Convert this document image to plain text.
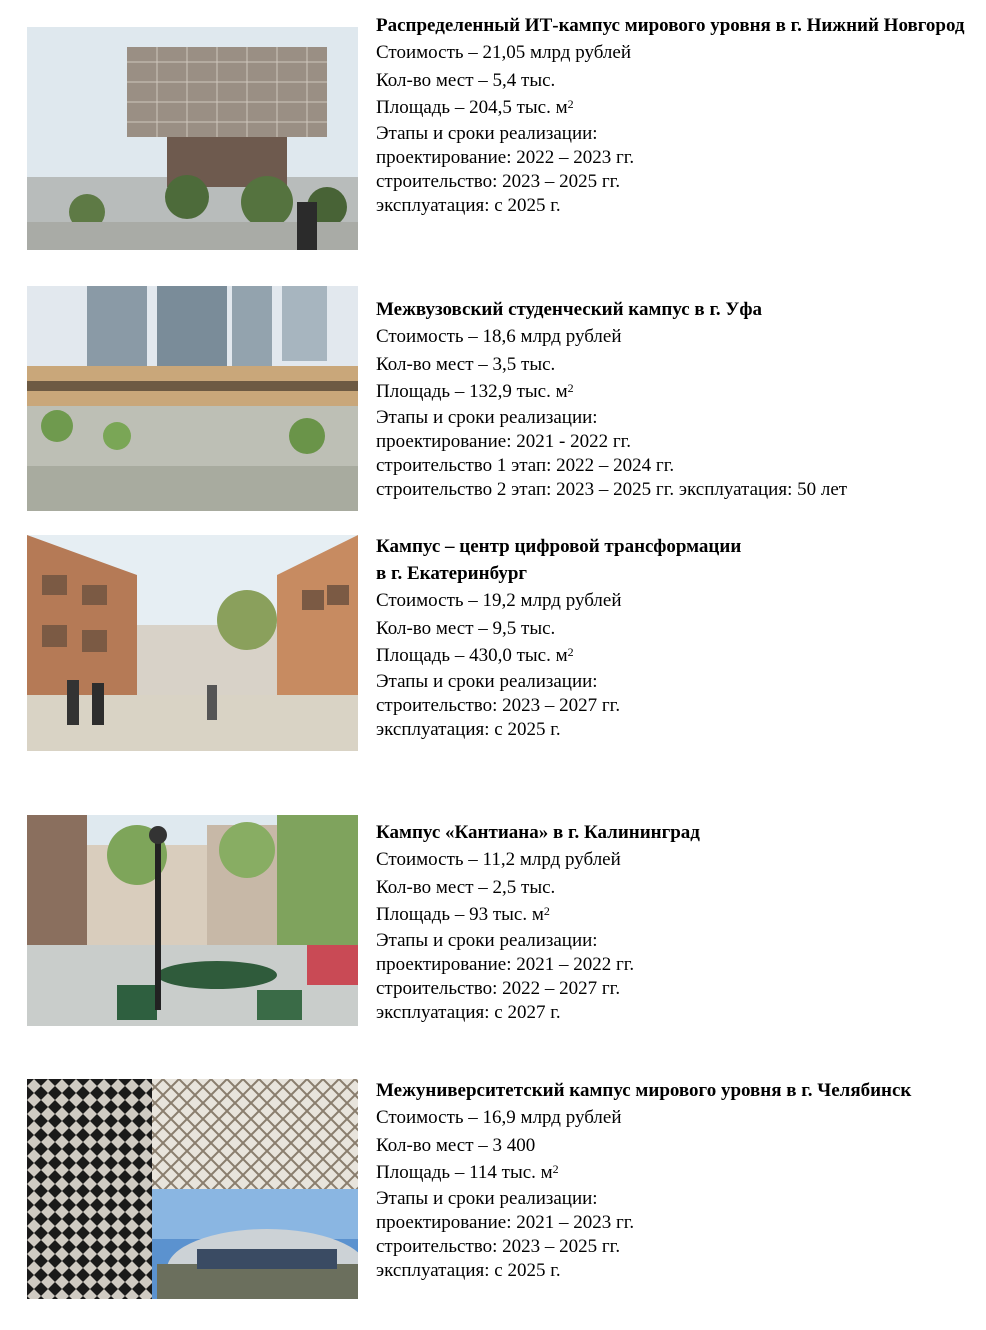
Распределенный ИТ-кампус мирового уровня в г. Нижний Новгород

Стоимость – 21,05 млрд рублей

Кол-во мест – 5,4 тыс.

Площадь – 204,5 тыс. $м^2$

Этапы и сроки реализации:

проектирование: 2022 – 2023 гг.

строительство: 2023 – 2025 гг.

эксплуатация: с 2025 г.

Межвузовский студенческий кампус в г. Уфа

Стоимость – 18,6 млрд рублей

Кол-во мест – 3,5 тыс.

Площадь – 132,9 тыс. $м^2$

Этапы и сроки реализации:

проектирование: 2021 - 2022 гг.

строительство 1 этап: 2022 – 2024 гг.

строительство 2 этап: 2023 – 2025 гг. эксплуатация: 50 лет

Кампус – центр цифровой трансформации

в г. Екатеринбург

Стоимость – 19,2 млрд рублей

Кол-во мест – 9,5 тыс.

Площадь – 430,0 тыс. $м^2$

Этапы и сроки реализации:

строительство: 2023 – 2027 гг.

эксплуатация: с 2025 г.

Кампус «Кантиана» в г. Калининград

Стоимость – 11,2 млрд рублей

Кол-во мест – 2,5 тыс.

Площадь – 93 тыс. $м^2$

Этапы и сроки реализации:

проектирование: 2021 – 2022 гг.

строительство: 2022 – 2027 гг.

эксплуатация: с 2027 г.

Межуниверситетский кампус мирового уровня в г. Челябинск

Стоимость – 16,9 млрд рублей

Кол-во мест – 3 400

Площадь – 114 тыс. $м^2$

Этапы и сроки реализации:

проектирование: 2021 – 2023 гг.

строительство: 2023 – 2025 гг.

эксплуатация: с 2025 г.
